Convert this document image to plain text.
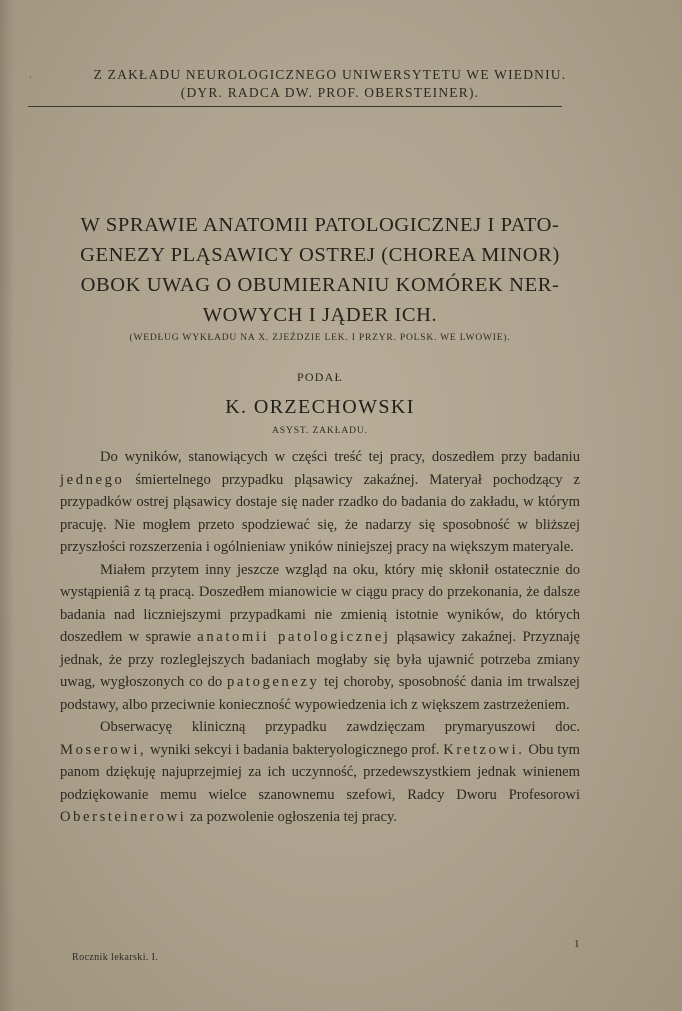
˙	Z ZAKŁADU NEUROLOGICZNEGO UNIWERSYTETU WE WIEDNIU.
(DYR. RADCA DW. PROF. OBERSTEINER).
W SPRAWIE ANATOMII PATOLOGICZNEJ I PATO-
GENEZY PLĄSAWICY OSTREJ (CHOREA MINOR)
OBOK UWAG O OBUMIERANIU KOMÓREK NER-
WOWYCH I JĄDER ICH.
(WEDŁUG WYKŁADU NA X. ZJEŹDZIE LEK. I PRZYR. POLSK. WE LWOWIE).
PODAŁ
K. ORZECHOWSKI
ASYST. ZAKŁADU.

Do wyników, stanowiących w części treść tej pracy, doszedłem przy badaniu jednego śmiertelnego przypadku pląsawicy zakaźnej. Materyał pochodzący z przypadków ostrej pląsawicy dostaje się nader rzadko do badania do zakładu, w którym pracuję. Nie mogłem przeto spodziewać się, że nadarzy się sposobność w bliższej przyszłości rozszerzenia i ogólnieniaw yników niniejszej pracy na większym materyale.

Miałem przytem inny jeszcze wzgląd na oku, który mię skłonił ostatecznie do wystąpieniâ z tą pracą. Doszedłem mianowicie w ciągu pracy do przekonania, że dalsze badania nad liczniejszymi przypadkami nie zmienią istotnie wyników, do których doszedłem w sprawie anatomii patologicznej pląsawicy zakaźnej. Przyznaję jednak, że przy rozleglejszych badaniach mogłaby się była ujawnić potrzeba zmiany uwag, wygłoszonych co do patogenezy tej choroby, sposobność dania im trwalszej podstawy, albo przeciwnie konieczność wypowiedzenia ich z większem zastrzeżeniem.

Obserwacyę kliniczną przypadku zawdzięczam prymaryuszowi doc. Moserowi, wyniki sekcyi i badania bakteryologicznego prof. Kretzowi. Obu tym panom dziękuję najuprzejmiej za ich uczynność, przedewszystkiem jednak winienem podziękowanie memu wielce szanownemu szefowi, Radcy Dworu Profesorowi Obersteinerowi za pozwolenie ogłoszenia tej pracy.

Rocznik lekarski. I.
1
